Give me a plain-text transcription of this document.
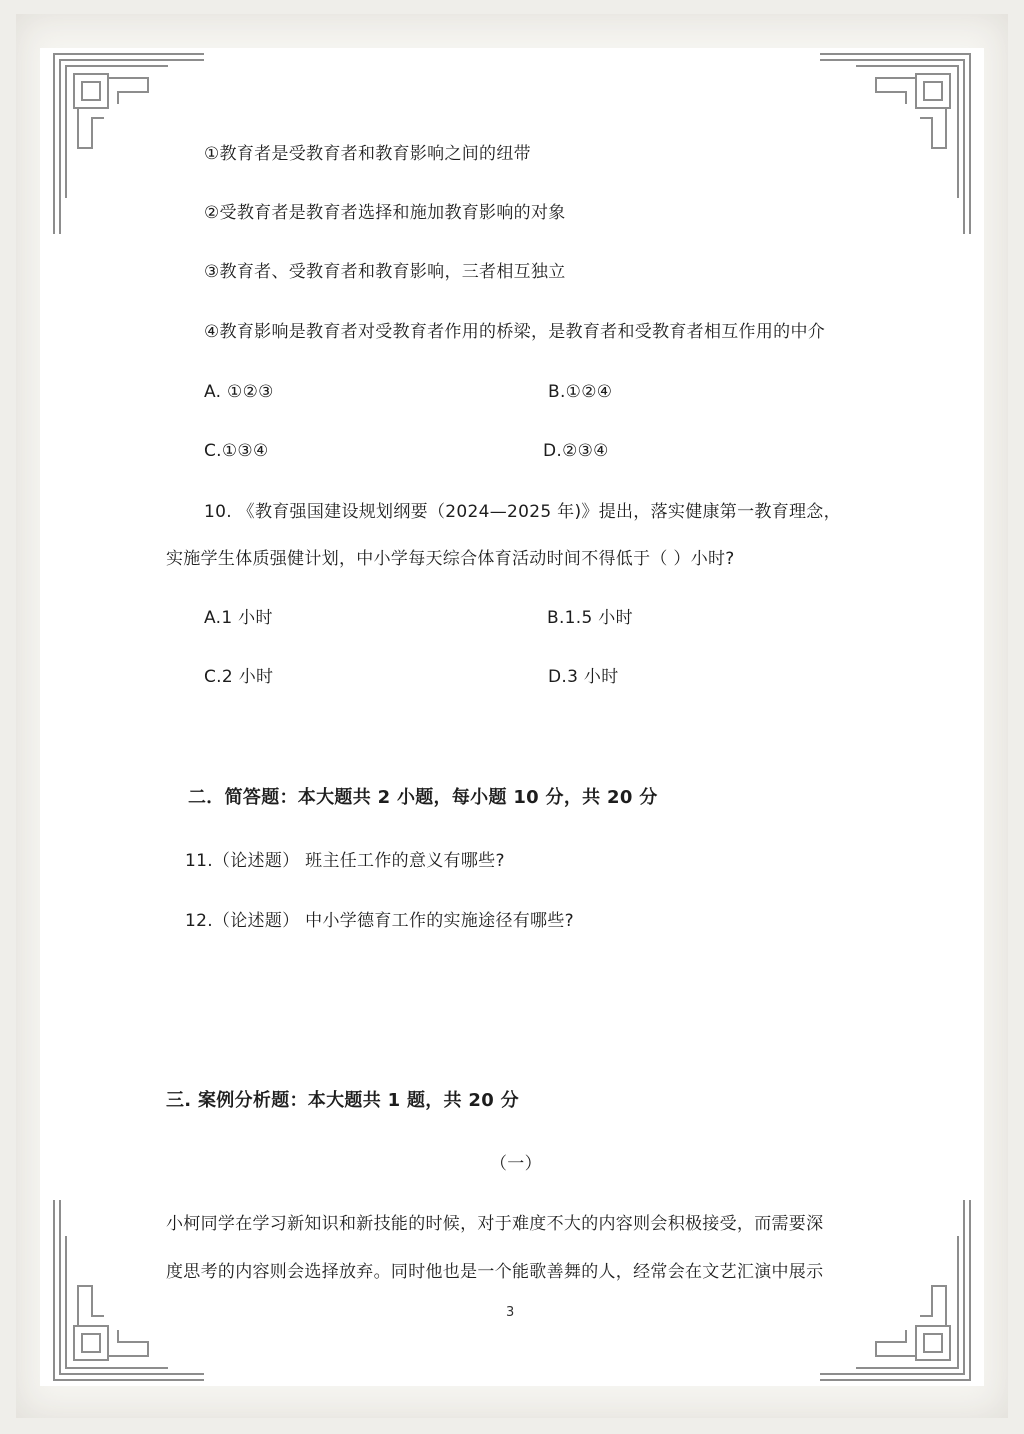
①教育者是受教育者和教育影响之间的纽带
②受教育者是教育者选择和施加教育影响的对象
③教育者、受教育者和教育影响，三者相互独立
④教育影响是教育者对受教育者作用的桥梁，是教育者和受教育者相互作用的中介
A. ①②③	B.①②④
C.①③④	D.②③④
10. 《教育强国建设规划纲要（2024—2025 年)》提出，落实健康第一教育理念，
实施学生体质强健计划，中小学每天综合体育活动时间不得低于（ ）小时?
A.1 小时	B.1.5 小时
C.2 小时	D.3 小时
二．简答题：本大题共 2 小题，每小题 10 分，共 20 分
11.（论述题） 班主任工作的意义有哪些?
12.（论述题） 中小学德育工作的实施途径有哪些?
三. 案例分析题：本大题共 1 题，共 20 分
（一）
小柯同学在学习新知识和新技能的时候，对于难度不大的内容则会积极接受，而需要深
度思考的内容则会选择放弃。同时他也是一个能歌善舞的人，经常会在文艺汇演中展示
3
